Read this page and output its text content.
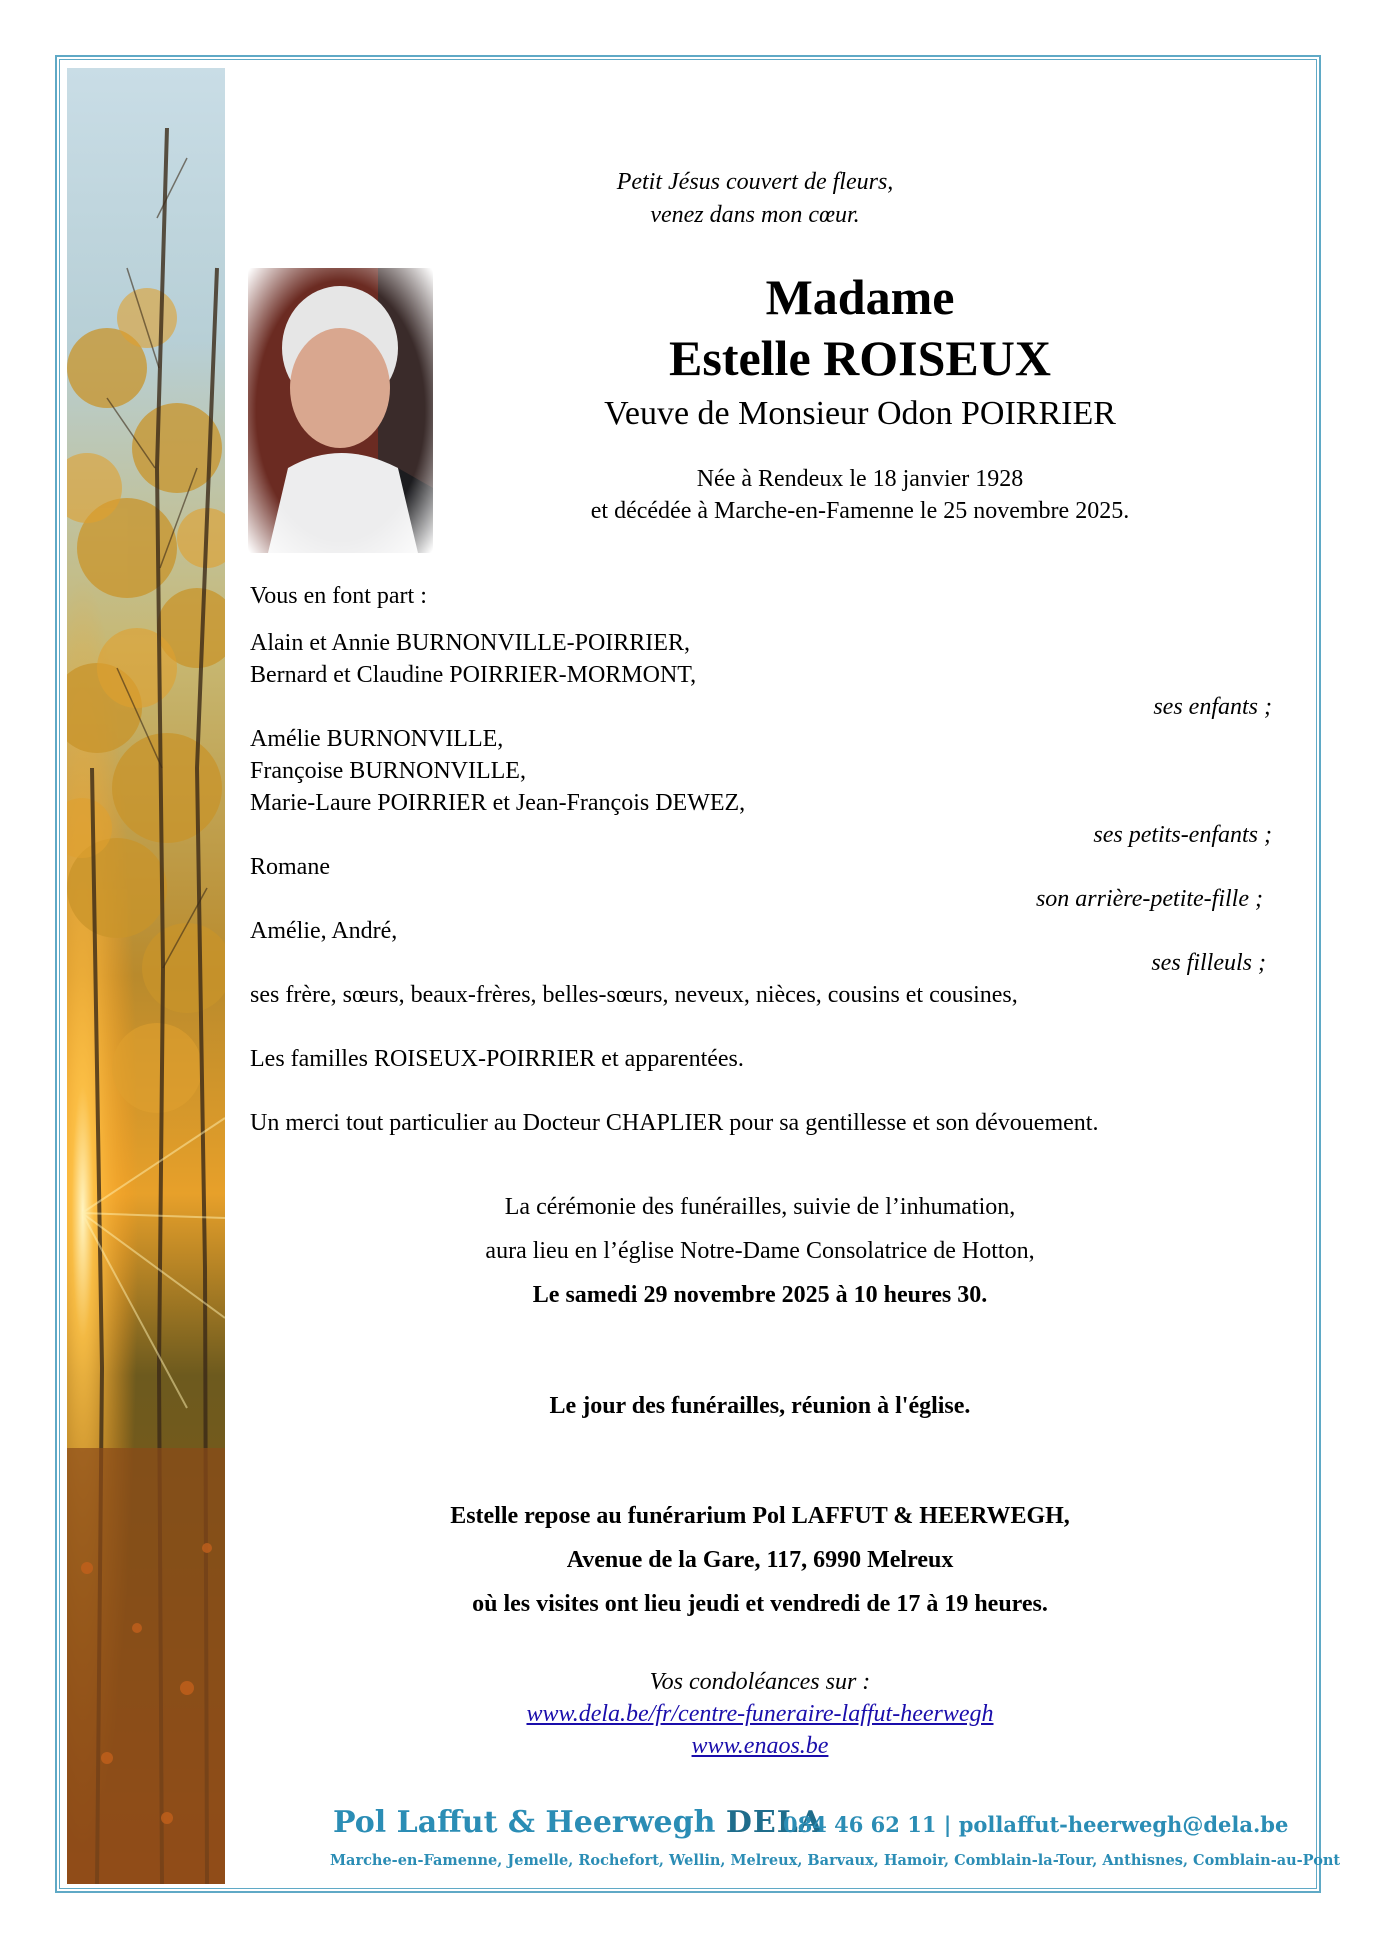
Petit Jésus couvert de fleurs,
venez dans mon cœur.
Madame
Estelle ROISEUX
Veuve de Monsieur Odon POIRRIER
Née à Rendeux le 18 janvier 1928
et décédée à Marche-en-Famenne le 25 novembre 2025.
Vous en font part :
Alain et Annie BURNONVILLE-POIRRIER,
Bernard et Claudine POIRRIER-MORMONT,
ses enfants ;
Amélie BURNONVILLE,
Françoise BURNONVILLE,
Marie-Laure POIRRIER et Jean-François DEWEZ,
ses petits-enfants ;
Romane
son arrière-petite-fille ;
Amélie, André,
ses filleuls ;
ses frère, sœurs, beaux-frères, belles-sœurs, neveux, nièces, cousins et cousines,
Les familles ROISEUX-POIRRIER et apparentées.
Un merci tout particulier au Docteur CHAPLIER pour sa gentillesse et son dévouement.
La cérémonie des funérailles, suivie de l’inhumation,
aura lieu en l’église Notre-Dame Consolatrice de Hotton,
Le samedi 29 novembre 2025 à 10 heures 30.
Le jour des funérailles, réunion à l'église.
Estelle repose au funérarium Pol LAFFUT & HEERWEGH,
Avenue de la Gare, 117, 6990 Melreux
où les visites ont lieu jeudi et vendredi de 17 à 19 heures.
Vos condoléances sur :
www.dela.be/fr/centre-funeraire-laffut-heerwegh
www.enaos.be
Pol Laffut & Heerwegh DELA
084 46 62 11 | pollaffut-heerwegh@dela.be
Marche-en-Famenne, Jemelle, Rochefort, Wellin, Melreux, Barvaux, Hamoir, Comblain-la-Tour, Anthisnes, Comblain-au-Pont
